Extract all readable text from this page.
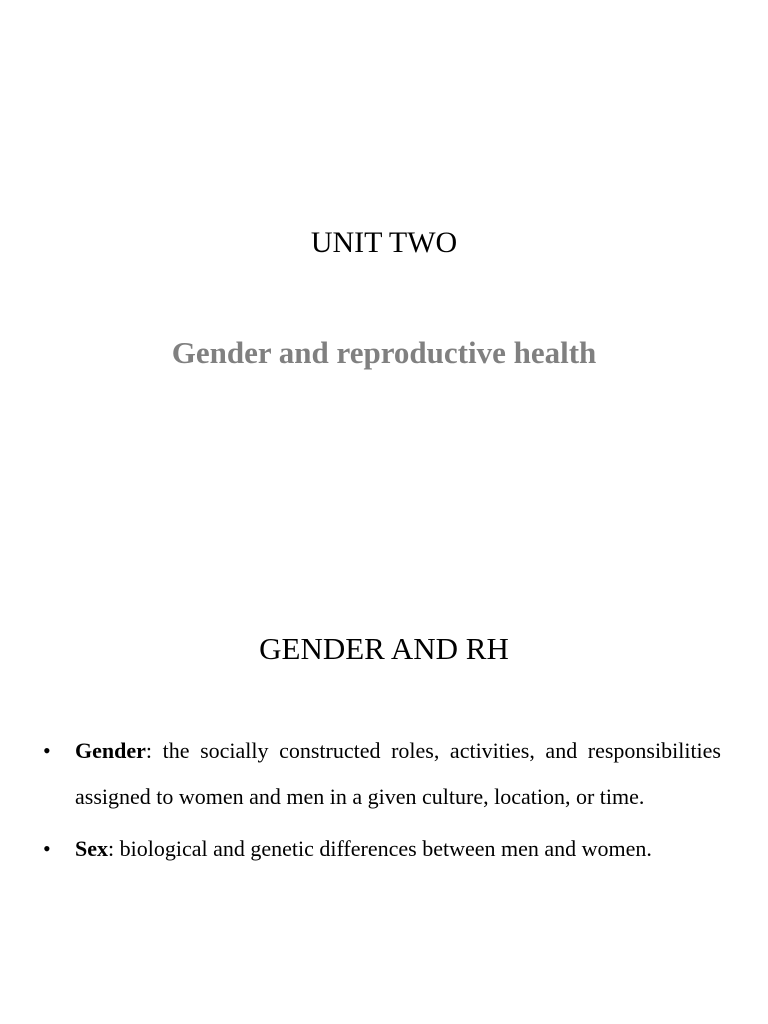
UNIT TWO
Gender and reproductive health
GENDER AND RH
• Gender: the socially constructed roles, activities, and responsibilities assigned to women and men in a given culture, location, or time.
• Sex: biological and genetic differences between men and women.
